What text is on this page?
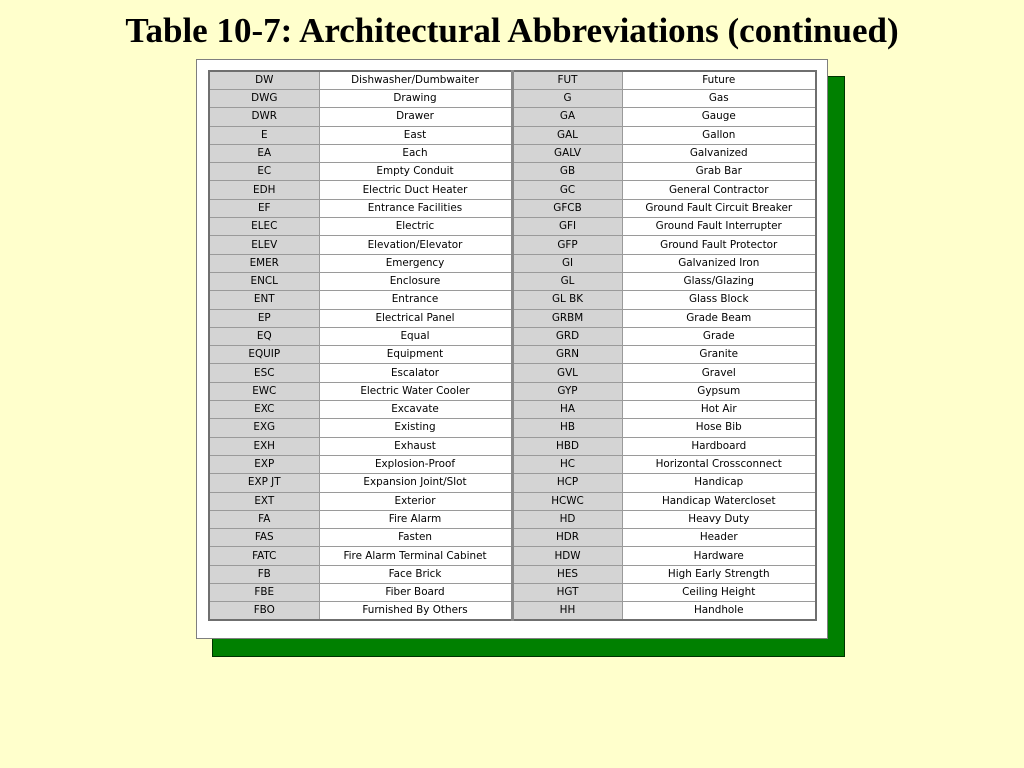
Table 10-7: Architectural Abbreviations (continued)
DW	Dishwasher/Dumbwaiter	FUT	Future
DWG	Drawing	G	Gas
DWR	Drawer	GA	Gauge
E	East	GAL	Gallon
EA	Each	GALV	Galvanized
EC	Empty Conduit	GB	Grab Bar
EDH	Electric Duct Heater	GC	General Contractor
EF	Entrance Facilities	GFCB	Ground Fault Circuit Breaker
ELEC	Electric	GFI	Ground Fault Interrupter
ELEV	Elevation/Elevator	GFP	Ground Fault Protector
EMER	Emergency	GI	Galvanized Iron
ENCL	Enclosure	GL	Glass/Glazing
ENT	Entrance	GL BK	Glass Block
EP	Electrical Panel	GRBM	Grade Beam
EQ	Equal	GRD	Grade
EQUIP	Equipment	GRN	Granite
ESC	Escalator	GVL	Gravel
EWC	Electric Water Cooler	GYP	Gypsum
EXC	Excavate	HA	Hot Air
EXG	Existing	HB	Hose Bib
EXH	Exhaust	HBD	Hardboard
EXP	Explosion-Proof	HC	Horizontal Crossconnect
EXP JT	Expansion Joint/Slot	HCP	Handicap
EXT	Exterior	HCWC	Handicap Watercloset
FA	Fire Alarm	HD	Heavy Duty
FAS	Fasten	HDR	Header
FATC	Fire Alarm Terminal Cabinet	HDW	Hardware
FB	Face Brick	HES	High Early Strength
FBE	Fiber Board	HGT	Ceiling Height
FBO	Furnished By Others	HH	Handhole
